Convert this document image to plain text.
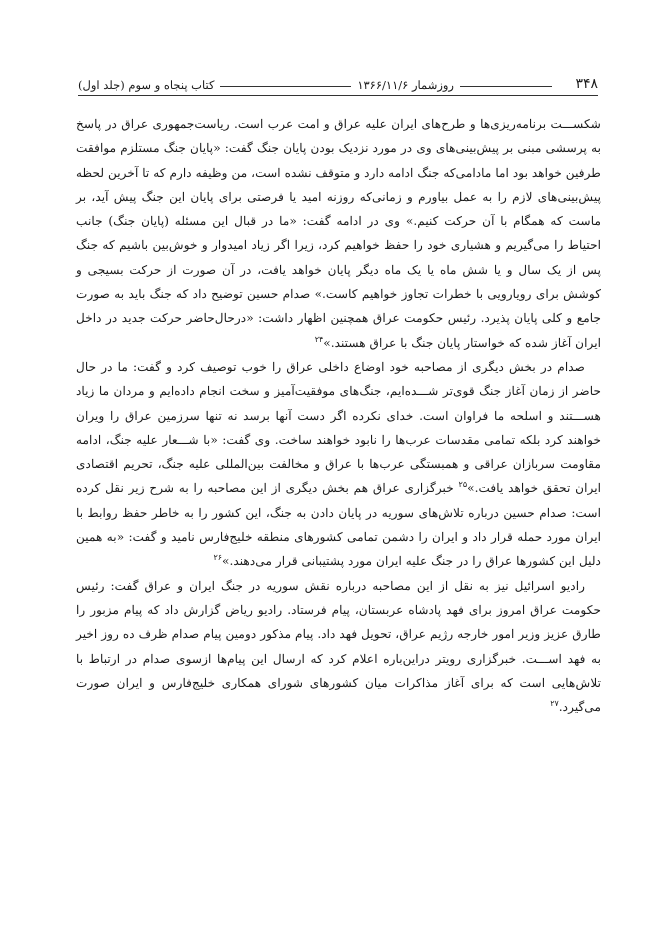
۳۴۸
روزشمار ۱۳۶۶/۱۱/۶
کتاب پنجاه و سوم (جلد اول)

شکســـت برنامه‌ریزی‌ها و طرح‌های ایران علیه عراق و امت عرب است. ریاست‌جمهوری عراق در پاسخ به پرسشی مبنی بر پیش‌بینی‌های وی در مورد نزدیک بودن پایان جنگ گفت: «پایان جنگ مستلزم موافقت طرفین خواهد بود اما مادامی‌که جنگ ادامه دارد و متوقف نشده است، من وظیفه دارم که تا آخرین لحظه پیش‌بینی‌های لازم را به عمل بیاورم و زمانی‌که روزنه امید یا فرصتی برای پایان این جنگ پیش آید، بر ماست که همگام با آن حرکت کنیم.» وی در ادامه گفت: «ما در قبال این مسئله (پایان جنگ) جانب احتیاط را می‌گیریم و هشیاری خود را حفظ خواهیم کرد، زیرا اگر زیاد امیدوار و خوش‌بین باشیم که جنگ پس از یک سال و یا شش ماه یا یک ماه دیگر پایان خواهد یافت، در آن صورت از حرکت بسیجی و کوشش برای رویارویی با خطرات تجاوز خواهیم کاست.» صدام حسین توضیح داد که جنگ باید به صورت جامع و کلی پایان پذیرد. رئیس حکومت عراق همچنین اظهار داشت: «درحال‌حاضر حرکت جدید در داخل ایران آغاز شده که خواستار پایان جنگ با عراق هستند.»$^{۲۴}$

صدام در بخش دیگری از مصاحبه خود اوضاع داخلی عراق را خوب توصیف کرد و گفت: ما در حال حاضر از زمان آغاز جنگ قوی‌تر شـــده‌ایم، جنگ‌های موفقیت‌آمیز و سخت انجام داده‌ایم و مردان ما زیاد هســـتند و اسلحه ما فراوان است. خدای نکرده اگر دست آنها برسد نه تنها سرزمین عراق را ویران خواهند کرد بلکه تمامی مقدسات عرب‌ها را نابود خواهند ساخت. وی گفت: «با شـــعار علیه جنگ، ادامه مقاومت سربازان عراقی و همبستگی عرب‌ها با عراق و مخالفت بین‌المللی علیه جنگ، تحریم اقتصادی ایران تحقق خواهد یافت.»$^{۲۵}$ خبرگزاری عراق هم بخش دیگری از این مصاحبه را به شرح زیر نقل کرده است: صدام حسین درباره تلاش‌های سوریه در پایان دادن به جنگ، این کشور را به خاطر حفظ روابط با ایران مورد حمله قرار داد و ایران را دشمن تمامی کشورهای منطقه خلیج‌فارس نامید و گفت: «به همین دلیل این کشورها عراق را در جنگ علیه ایران مورد پشتیبانی قرار می‌دهند.»$^{۲۶}$

رادیو اسرائیل نیز به نقل از این مصاحبه درباره نقش سوریه در جنگ ایران و عراق گفت: رئیس حکومت عراق امروز برای فهد پادشاه عربستان، پیام فرستاد. رادیو ریاض گزارش داد که پیام مزبور را طارق عزیز وزیر امور خارجه رژیم عراق، تحویل فهد داد. پیام مذکور دومین پیام صدام ظرف ده روز اخیر به فهد اســـت. خبرگزاری رویتر دراین‌باره اعلام کرد که ارسال این پیام‌ها ازسوی صدام در ارتباط با تلاش‌هایی است که برای آغاز مذاکرات میان کشورهای شورای همکاری خلیج‌فارس و ایران صورت می‌گیرد.$^{۲۷}$
